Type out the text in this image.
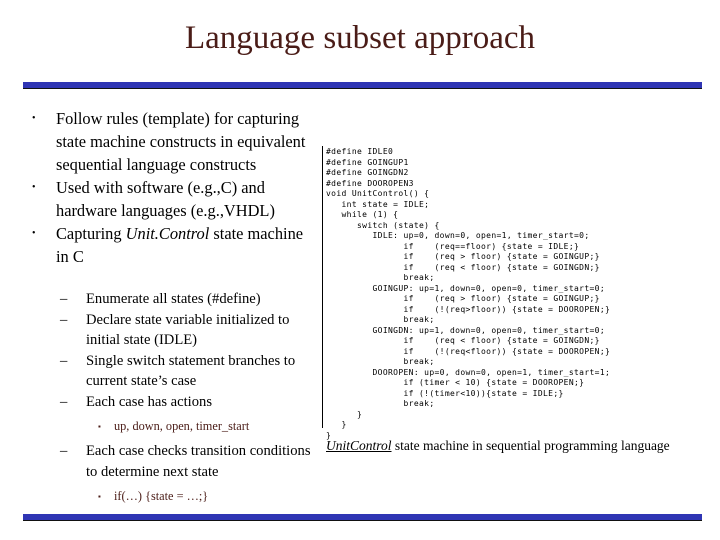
Language subset approach
• Follow rules (template) for capturing state machine constructs in equivalent sequential language constructs
• Used with software (e.g.,C) and hardware languages (e.g.,VHDL)
• Capturing Unit.Control state machine in C
– Enumerate all states (#define)
– Declare state variable initialized to initial state (IDLE)
– Single switch statement branches to current state’s case
– Each case has actions
▪ up, down, open, timer_start
– Each case checks transition conditions to determine next state
▪ if(…) {state = …;}
#define IDLE0
#define GOINGUP1
#define GOINGDN2
#define DOOROPEN3
void UnitControl() {
int state = IDLE;
while (1) {
switch (state) {
IDLE: up=0, down=0, open=1, timer_start=0;
if    (req==floor) {state = IDLE;}
if    (req > floor) {state = GOINGUP;}
if    (req < floor) {state = GOINGDN;}
break;
GOINGUP: up=1, down=0, open=0, timer_start=0;
if    (req > floor) {state = GOINGUP;}
if    (!(req>floor)) {state = DOOROPEN;}
break;
GOINGDN: up=1, down=0, open=0, timer_start=0;
if    (req < floor) {state = GOINGDN;}
if    (!(req<floor)) {state = DOOROPEN;}
break;
DOOROPEN: up=0, down=0, open=1, timer_start=1;
if (timer < 10) {state = DOOROPEN;}
if (!(timer<10)){state = IDLE;}
break;
}
}
}
UnitControl state machine in sequential programming language
